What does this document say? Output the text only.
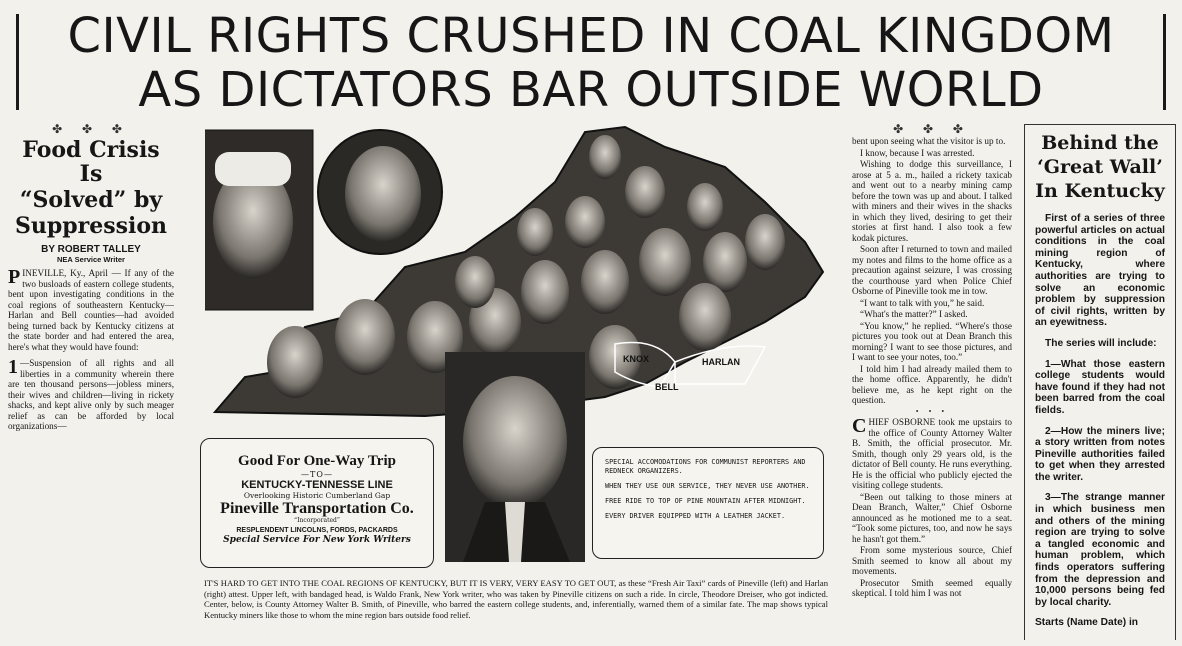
CIVIL RIGHTS CRUSHED IN COAL KINGDOM
AS DICTATORS BAR OUTSIDE WORLD
✤ ✤ ✤
Food Crisis Is
“Solved” by
Suppression
BY ROBERT TALLEY
NEA Service Writer
P INEVILLE, Ky., April — If any of the two busloads of eastern college students, bent upon investigating conditions in the coal regions of southeastern Kentucky—Harlan and Bell counties—had avoided being turned back by Kentucky citizens at the state border and had entered the area, here's what they would have found:
1 —Suspension of all rights and all liberties in a community wherein there are ten thousand persons—jobless miners, their wives and children—living in rickety shacks, and kept alive only by such meager relief as can be afforded by local organizations—
KNOX	HARLAN
BELL
Good For One-Way Trip
—TO—
KENTUCKY-TENNESSE LINE
Overlooking Historic Cumberland Gap
Pineville Transportation Co.
“Incorporated”
RESPLENDENT LINCOLNS, FORDS, PACKARDS
Special Service For New York Writers
SPECIAL ACCOMODATIONS FOR COMMUNIST REPORTERS AND REDNECK ORGANIZERS.
WHEN THEY USE OUR SERVICE, THEY NEVER USE ANOTHER.
FREE RIDE TO TOP OF PINE MOUNTAIN AFTER MIDNIGHT.
EVERY DRIVER EQUIPPED WITH A LEATHER JACKET.
IT'S HARD TO GET INTO THE COAL REGIONS OF KENTUCKY, BUT IT IS VERY, VERY EASY TO GET OUT, as these “Fresh Air Taxi” cards of Pineville (left) and Harlan (right) attest. Upper left, with bandaged head, is Waldo Frank, New York writer, who was taken by Pineville citizens on such a ride. In circle, Theodore Dreiser, who got indicted. Center, below, is County Attorney Walter B. Smith, of Pineville, who barred the eastern college students, and, inferentially, warned them of a similar fate. The map shows typical Kentucky miners like those to whom the mine region bars outside food relief.
✤ ✤ ✤

bent upon seeing what the visitor is up to.

I know, because I was arrested.

Wishing to dodge this surveillance, I arose at 5 a. m., hailed a rickety taxicab and went out to a nearby mining camp before the town was up and about. I talked with miners and their wives in the shacks in which they lived, desiring to get their stories at first hand. I also took a few kodak pictures.

Soon after I returned to town and mailed my notes and films to the home office as a precaution against seizure, I was crossing the courthouse yard when Police Chief Osborne of Pineville took me in tow.

“I want to talk with you,” he said.

“What's the matter?” I asked.

“You know,” he replied. “Where's those pictures you took out at Dean Branch this morning? I want to see those pictures, and I want to see your notes, too.”

I told him I had already mailed them to the home office. Apparently, he didn't believe me, as he kept right on the question.

• • •
C HIEF OSBORNE took me upstairs to the office of County Attorney Walter B. Smith, the official prosecutor. Mr. Smith, though only 29 years old, is the dictator of Bell county. He runs everything. He is the official who publicly ejected the visiting college students.

“Been out talking to those miners at Dean Branch, Walter,” Chief Osborne announced as he motioned me to a seat. “Took some pictures, too, and now he says he hasn't got them.”

From some mysterious source, Chief Smith seemed to know all about my movements.

Prosecutor Smith seemed equally skeptical. I told him I was not

Behind the
‘Great Wall’
In Kentucky

First of a series of three powerful articles on actual conditions in the coal mining region of Kentucky, where authorities are trying to solve an economic problem by suppression of civil rights, written by an eyewitness.

The series will include:

1—What those eastern college students would have found if they had not been barred from the coal fields.

2—How the miners live; a story written from notes Pineville authorities failed to get when they arrested the writer.

3—The strange manner in which business men and others of the mining region are trying to solve a tangled economic and human problem, which finds operators suffering from the depression and 10,000 persons being fed by local charity.

Starts (Name Date) in
